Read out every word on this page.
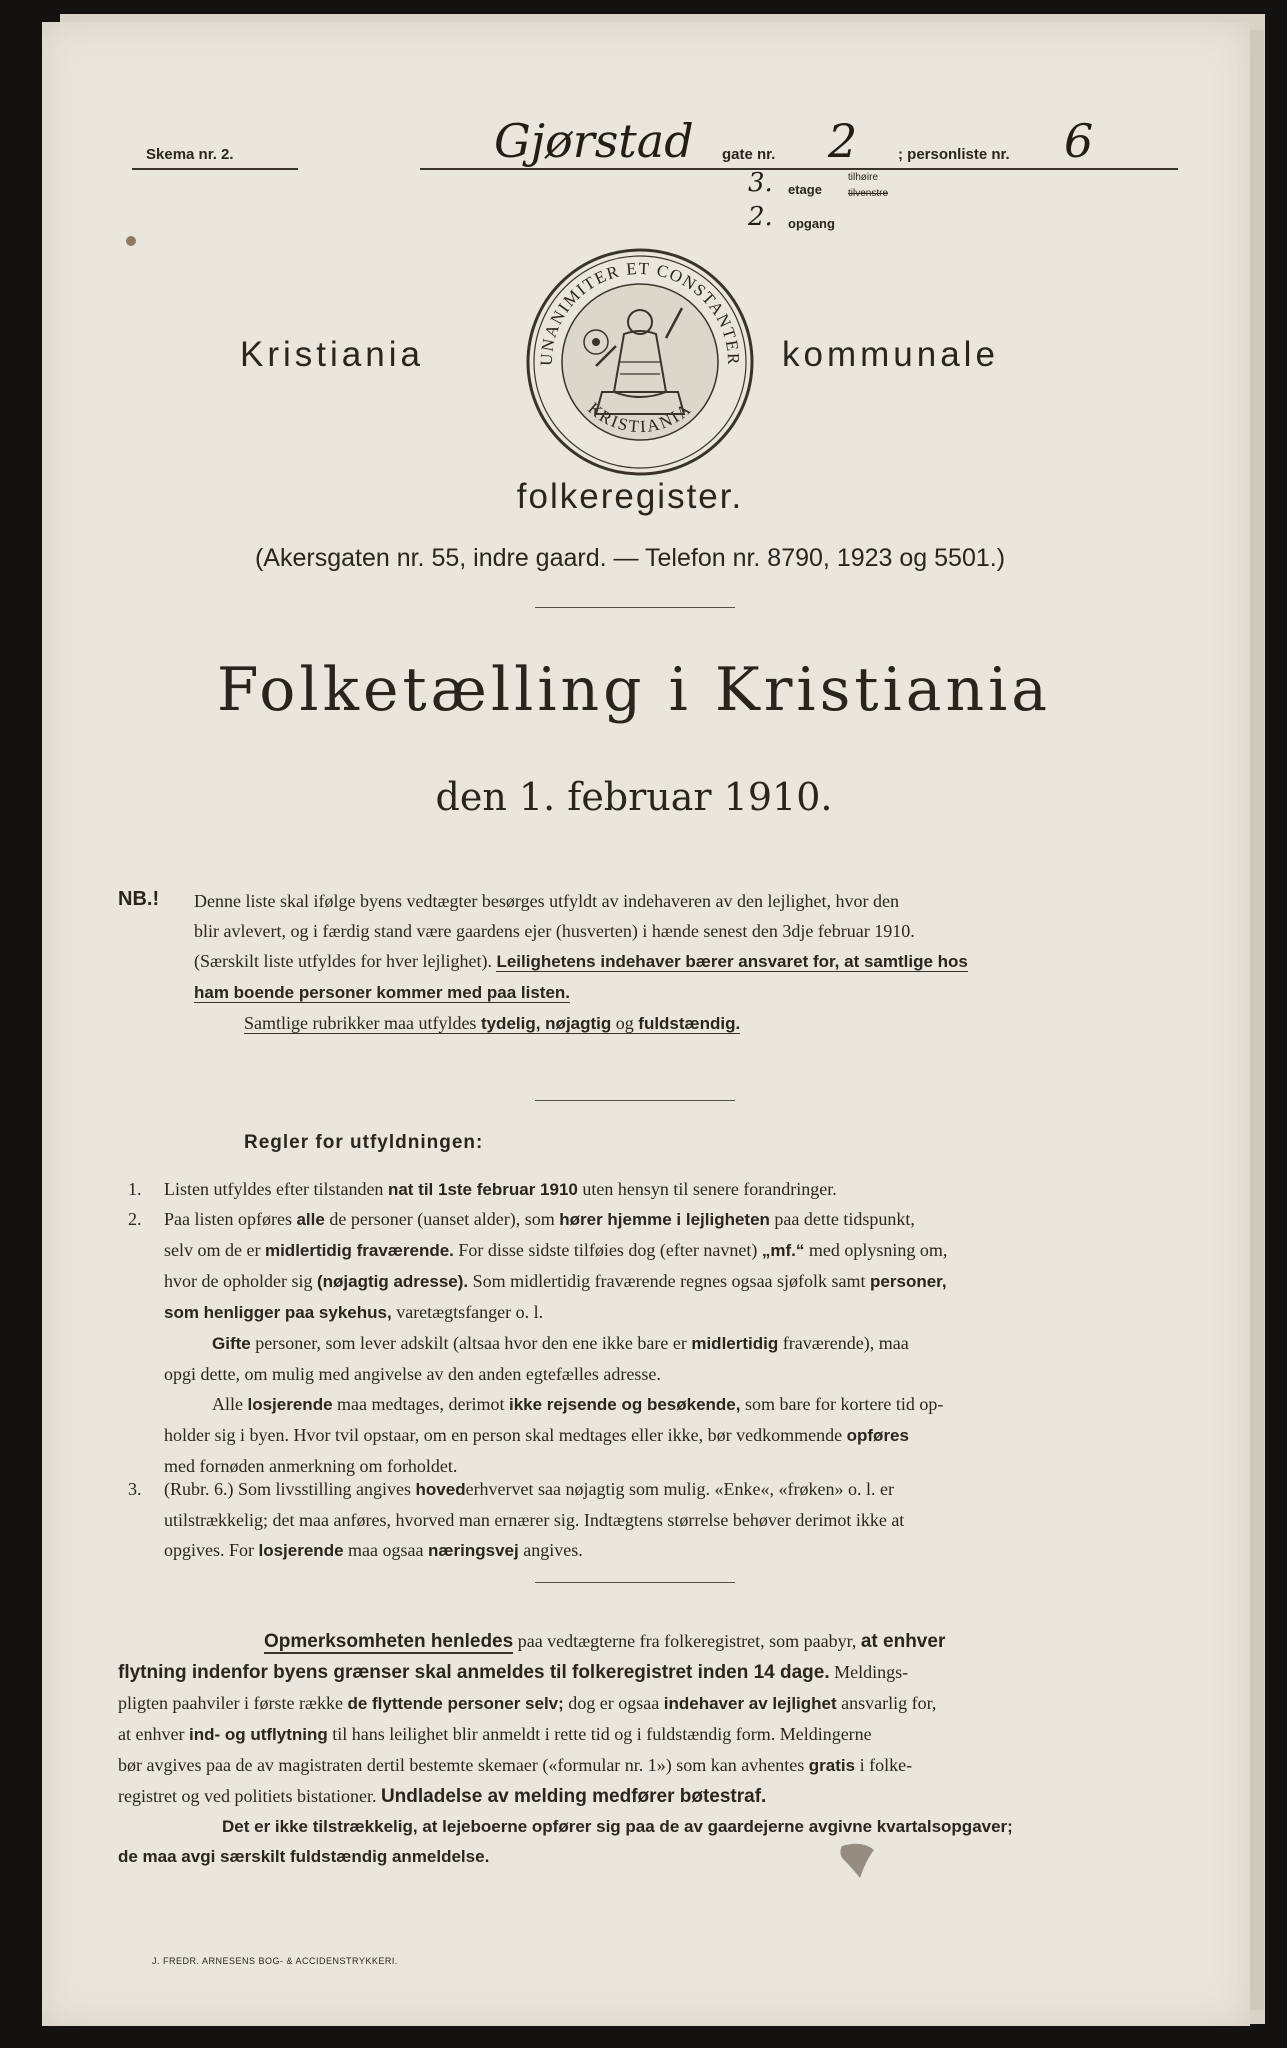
Skema nr. 2.	Gjørstad gate nr. 2	; personliste nr. 6
3. etage
tilhøire
tilvenstre
2. opgang
Kristiania	kommunale
UNANIMITER ET CONSTANTER
KRISTIANIA
folkeregister.
(Akersgaten nr. 55, indre gaard. — Telefon nr. 8790, 1923 og 5501.)
Folketælling i Kristiania
den 1. februar 1910.
NB.! Denne liste skal ifølge byens vedtægter besørges utfyldt av indehaveren av den lejlighet, hvor den
blir avlevert, og i færdig stand være gaardens ejer (husverten) i hænde senest den 3dje februar 1910.
(Særskilt liste utfyldes for hver lejlighet). Leilighetens indehaver bærer ansvaret for, at samtlige hos
ham boende personer kommer med paa listen.
Samtlige rubrikker maa utfyldes tydelig, nøjagtig og fuldstændig.
Regler for utfyldningen:
1. Listen utfyldes efter tilstanden nat til 1ste februar 1910 uten hensyn til senere forandringer.
2. Paa listen opføres alle de personer (uanset alder), som hører hjemme i lejligheten paa dette tidspunkt,
selv om de er midlertidig fraværende. For disse sidste tilføies dog (efter navnet) „mf.“ med oplysning om,
hvor de opholder sig (nøjagtig adresse). Som midlertidig fraværende regnes ogsaa sjøfolk samt personer,
som henligger paa sykehus, varetægtsfanger o. l.
Gifte personer, som lever adskilt (altsaa hvor den ene ikke bare er midlertidig fraværende), maa
opgi dette, om mulig med angivelse av den anden egtefælles adresse.
Alle losjerende maa medtages, derimot ikke rejsende og besøkende, som bare for kortere tid op-
holder sig i byen. Hvor tvil opstaar, om en person skal medtages eller ikke, bør vedkommende opføres
med fornøden anmerkning om forholdet.
3. (Rubr. 6.) Som livsstilling angives hovederhvervet saa nøjagtig som mulig. «Enke«, «frøken» o. l. er
utilstrækkelig; det maa anføres, hvorved man ernærer sig. Indtægtens størrelse behøver derimot ikke at
opgives. For losjerende maa ogsaa næringsvej angives.
Opmerksomheten henledes paa vedtægterne fra folkeregistret, som paabyr, at enhver
flytning indenfor byens grænser skal anmeldes til folkeregistret inden 14 dage. Meldings-
pligten paahviler i første række de flyttende personer selv; dog er ogsaa indehaver av lejlighet ansvarlig for,
at enhver ind- og utflytning til hans leilighet blir anmeldt i rette tid og i fuldstændig form. Meldingerne
bør avgives paa de av magistraten dertil bestemte skemaer («formular nr. 1») som kan avhentes gratis i folke-
registret og ved politiets bistationer. Undladelse av melding medfører bøtestraf.
Det er ikke tilstrækkelig, at lejeboerne opfører sig paa de av gaardejerne avgivne kvartalsopgaver;
de maa avgi særskilt fuldstændig anmeldelse.
J. FREDR. ARNESENS BOG- & ACCIDENSTRYKKERI.
